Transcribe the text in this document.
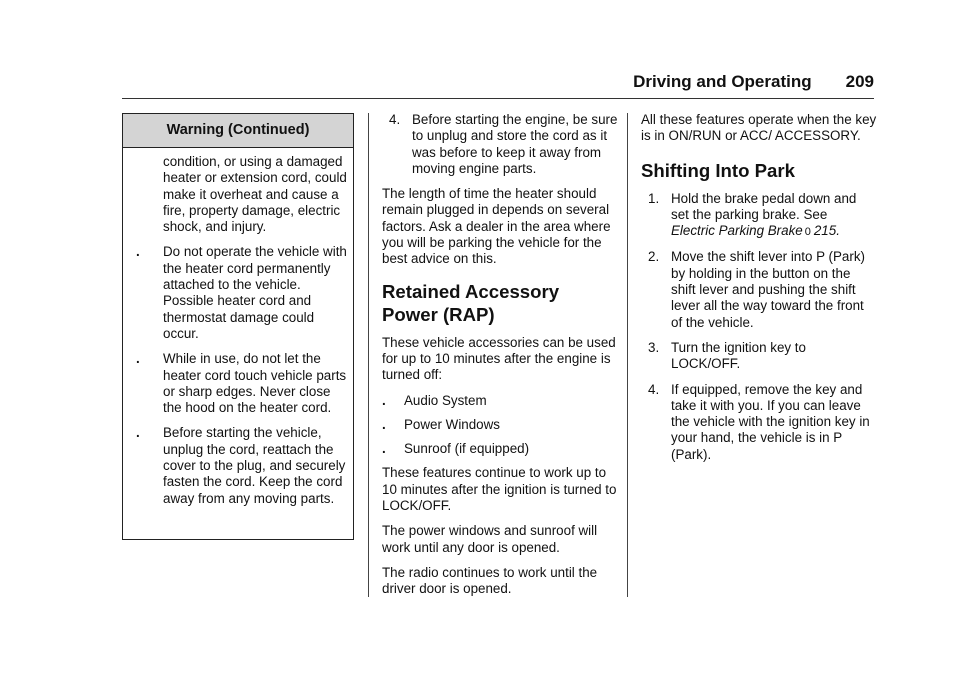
Driving and Operating 209
Warning (Continued)
condition, or using a damaged heater or extension cord, could make it overheat and cause a fire, property damage, electric shock, and injury.
. Do not operate the vehicle with the heater cord permanently attached to the vehicle. Possible heater cord and thermostat damage could occur.
. While in use, do not let the heater cord touch vehicle parts or sharp edges. Never close the hood on the heater cord.
. Before starting the vehicle, unplug the cord, reattach the cover to the plug, and securely fasten the cord. Keep the cord away from any moving parts.
4. Before starting the engine, be sure to unplug and store the cord as it was before to keep it away from moving engine parts.

The length of time the heater should remain plugged in depends on several factors. Ask a dealer in the area where you will be parking the vehicle for the best advice on this.

Retained Accessory
Power (RAP)

These vehicle accessories can be used for up to 10 minutes after the engine is turned off:

. Audio System
. Power Windows
. Sunroof (if equipped)

These features continue to work up to 10 minutes after the ignition is turned to LOCK/OFF.

The power windows and sunroof will work until any door is opened.

The radio continues to work until the driver door is opened.

All these features operate when the key is in ON/RUN or ACC/ ACCESSORY.

Shifting Into Park
1. Hold the brake pedal down and set the parking brake. See
Electric Parking Brake 0 215.
2. Move the shift lever into P (Park) by holding in the button on the shift lever and pushing the shift lever all the way toward the front of the vehicle.
3. Turn the ignition key to LOCK/OFF.
4. If equipped, remove the key and take it with you. If you can leave the vehicle with the ignition key in your hand, the vehicle is in P (Park).
